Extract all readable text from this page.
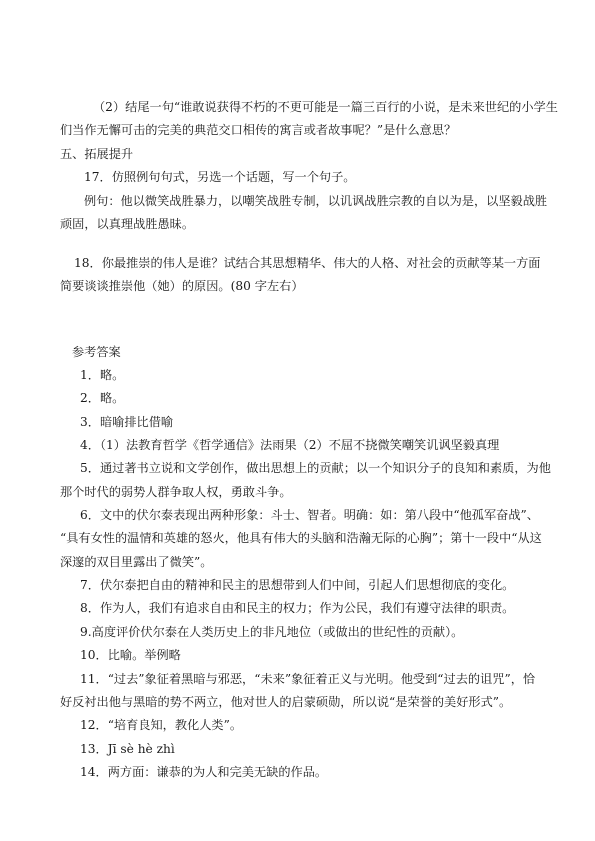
（2）结尾一句“谁敢说获得不朽的不更可能是一篇三百行的小说，是未来世纪的小学生
们当作无懈可击的完美的典范交口相传的寓言或者故事呢？”是什么意思？
五、拓展提升
17．仿照例句句式，另选一个话题，写一个句子。
例句：他以微笑战胜暴力，以嘲笑战胜专制，以讥讽战胜宗教的自以为是，以坚毅战胜
顽固，以真理战胜愚昧。
18．你最推崇的伟人是谁？试结合其思想精华、伟大的人格、对社会的贡献等某一方面
简要谈谈推崇他（她）的原因。(80 字左右）
参考答案
1．略。
2．略。
3．暗喻排比借喻
4．（1）法教育哲学《哲学通信》法雨果（2）不屈不挠微笑嘲笑讥讽坚毅真理
5．通过著书立说和文学创作，做出思想上的贡献；以一个知识分子的良知和素质，为他
那个时代的弱势人群争取人权，勇敢斗争。
6．文中的伏尔泰表现出两种形象：斗士、智者。明确：如：第八段中“他孤军奋战”、
“具有女性的温情和英雄的怒火，他具有伟大的头脑和浩瀚无际的心胸”；第十一段中“从这
深邃的双目里露出了微笑”。
7．伏尔泰把自由的精神和民主的思想带到人们中间，引起人们思想彻底的变化。
8．作为人，我们有追求自由和民主的权力；作为公民，我们有遵守法律的职责。
9.高度评价伏尔泰在人类历史上的非凡地位（或做出的世纪性的贡献）。
10．比喻。举例略
11．“过去”象征着黑暗与邪恶，“未来”象征着正义与光明。他受到“过去的诅咒”，恰
好反衬出他与黑暗的势不两立，他对世人的启蒙硕勋，所以说“是荣誉的美好形式”。
12．“培育良知，教化人类”。
13．Jī sè hè zhì
14．两方面：谦恭的为人和完美无缺的作品。
